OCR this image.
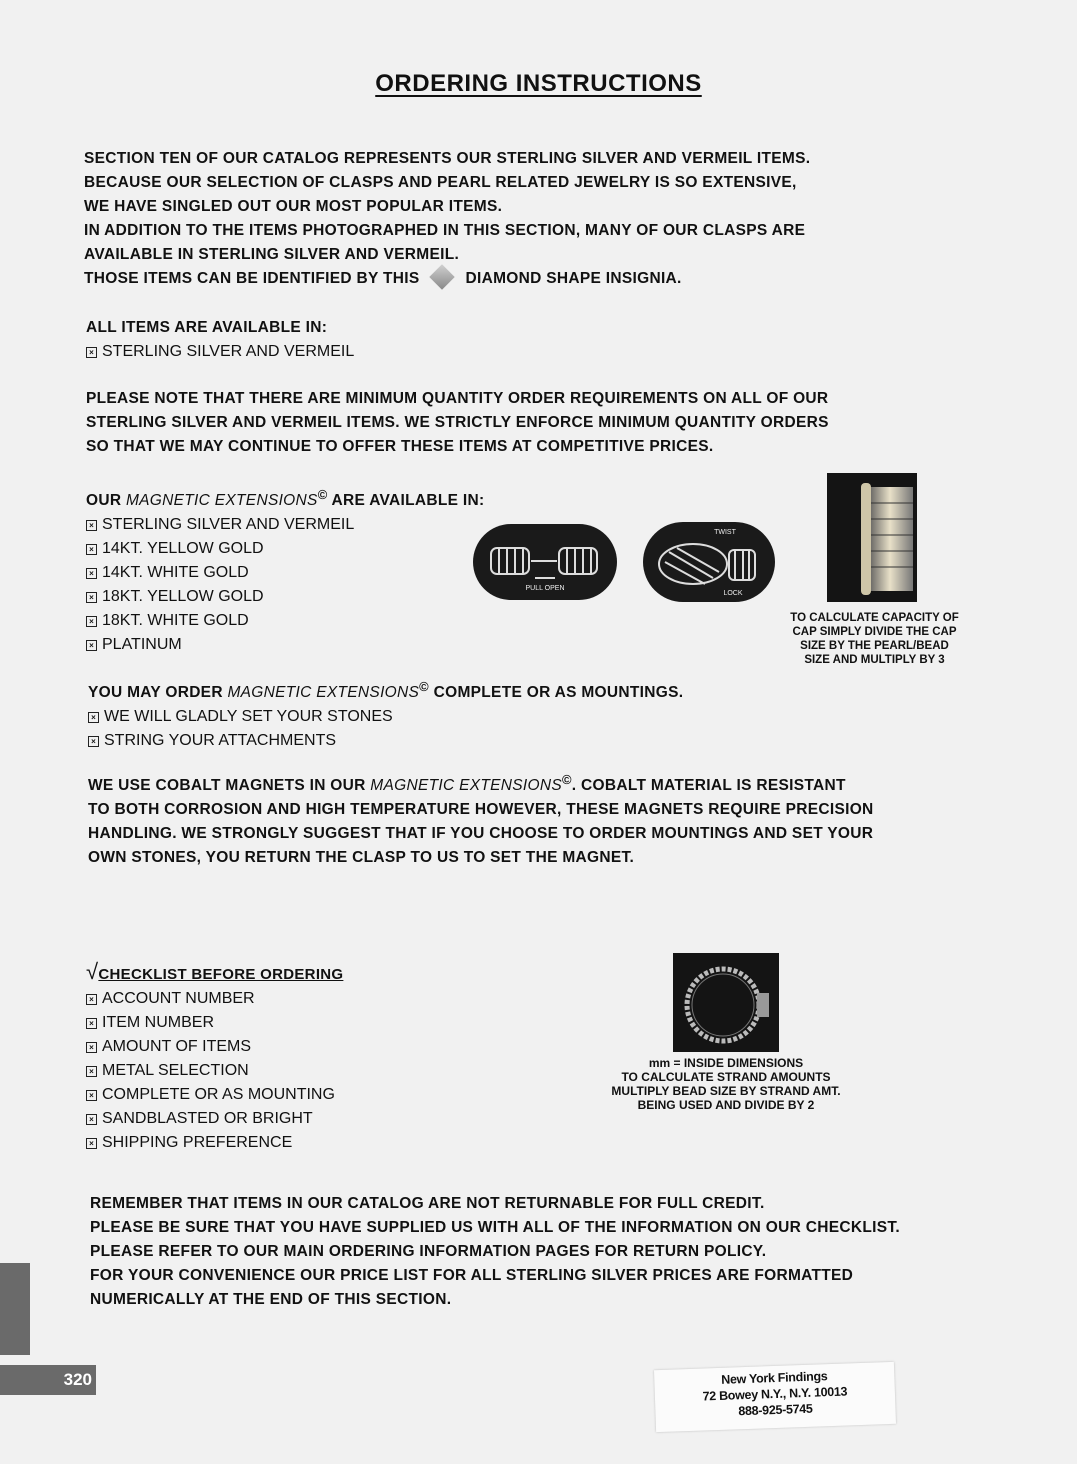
ORDERING INSTRUCTIONS

SECTION TEN OF OUR CATALOG REPRESENTS OUR STERLING SILVER AND VERMEIL ITEMS.

BECAUSE OUR SELECTION OF CLASPS AND PEARL RELATED JEWELRY IS SO EXTENSIVE,

WE HAVE SINGLED OUT OUR MOST POPULAR ITEMS.

IN ADDITION TO THE ITEMS PHOTOGRAPHED IN THIS SECTION, MANY OF OUR CLASPS ARE

AVAILABLE IN STERLING SILVER AND VERMEIL.

THOSE ITEMS CAN BE IDENTIFIED BY THIS	DIAMOND SHAPE INSIGNIA.

ALL ITEMS ARE AVAILABLE IN:

× STERLING SILVER AND VERMEIL

PLEASE NOTE THAT THERE ARE MINIMUM QUANTITY ORDER REQUIREMENTS ON ALL OF OUR

STERLING SILVER AND VERMEIL ITEMS. WE STRICTLY ENFORCE MINIMUM QUANTITY ORDERS

SO THAT WE MAY CONTINUE TO OFFER THESE ITEMS AT COMPETITIVE PRICES.

OUR MAGNETIC EXTENSIONS© ARE AVAILABLE IN:

× STERLING SILVER AND VERMEIL

× 14KT. YELLOW GOLD

× 14KT. WHITE GOLD

× 18KT. YELLOW GOLD

× 18KT. WHITE GOLD

× PLATINUM

PULL OPEN
TWIST
LOCK

TO CALCULATE CAPACITY OF

CAP SIMPLY DIVIDE THE CAP

SIZE BY THE PEARL/BEAD

SIZE AND MULTIPLY BY 3

YOU MAY ORDER MAGNETIC EXTENSIONS© COMPLETE OR AS MOUNTINGS.

× WE WILL GLADLY SET YOUR STONES

× STRING YOUR ATTACHMENTS

WE USE COBALT MAGNETS IN OUR MAGNETIC EXTENSIONS©. COBALT MATERIAL IS RESISTANT

TO BOTH CORROSION AND HIGH TEMPERATURE HOWEVER, THESE MAGNETS REQUIRE PRECISION

HANDLING. WE STRONGLY SUGGEST THAT IF YOU CHOOSE TO ORDER MOUNTINGS AND SET YOUR

OWN STONES, YOU RETURN THE CLASP TO US TO SET THE MAGNET.

√CHECKLIST BEFORE ORDERING

× ACCOUNT NUMBER

× ITEM NUMBER

× AMOUNT OF ITEMS

× METAL SELECTION

× COMPLETE OR AS MOUNTING

× SANDBLASTED OR BRIGHT

× SHIPPING PREFERENCE

mm = INSIDE DIMENSIONS

TO CALCULATE STRAND AMOUNTS

MULTIPLY BEAD SIZE BY STRAND AMT.

BEING USED AND DIVIDE BY 2

REMEMBER THAT ITEMS IN OUR CATALOG ARE NOT RETURNABLE FOR FULL CREDIT.

PLEASE BE SURE THAT YOU HAVE SUPPLIED US WITH ALL OF THE INFORMATION ON OUR CHECKLIST.

PLEASE REFER TO OUR MAIN ORDERING INFORMATION PAGES FOR RETURN POLICY.

FOR YOUR CONVENIENCE OUR PRICE LIST FOR ALL STERLING SILVER PRICES ARE FORMATTED

NUMERICALLY AT THE END OF THIS SECTION.

320	New York Findings
72 Bowey N.Y., N.Y. 10013
888-925-5745
